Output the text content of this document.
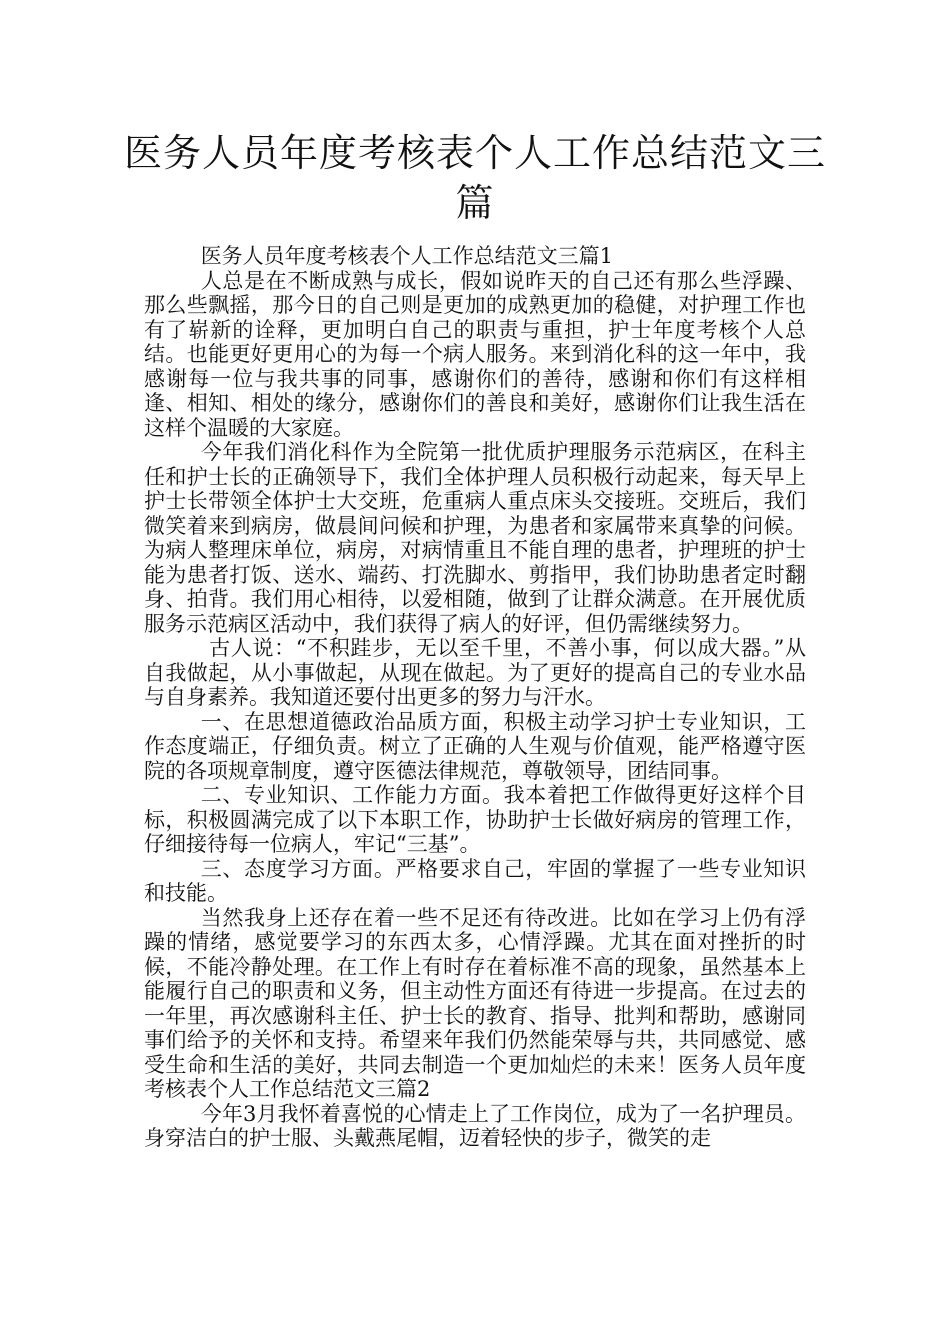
医务人员年度考核表个人工作总结范文三篇

医务人员年度考核表个人工作总结范文三篇1

人总是在不断成熟与成长，假如说昨天的自己还有那么些浮躁、那么些飘摇，那今日的自己则是更加的成熟更加的稳健，对护理工作也有了崭新的诠释，更加明白自己的职责与重担，护士年度考核个人总结。也能更好更用心的为每一个病人服务。来到消化科的这一年中，我感谢每一位与我共事的同事，感谢你们的善待，感谢和你们有这样相逢、相知、相处的缘分，感谢你们的善良和美好，感谢你们让我生活在这样个温暖的大家庭。

今年我们消化科作为全院第一批优质护理服务示范病区，在科主任和护士长的正确领导下，我们全体护理人员积极行动起来，每天早上护士长带领全体护士大交班，危重病人重点床头交接班。交班后，我们微笑着来到病房，做晨间问候和护理，为患者和家属带来真挚的问候。为病人整理床单位，病房，对病情重且不能自理的患者，护理班的护士能为患者打饭、送水、端药、打洗脚水、剪指甲，我们协助患者定时翻身、拍背。我们用心相待，以爱相随，做到了让群众满意。在开展优质服务示范病区活动中，我们获得了病人的好评，但仍需继续努力。

古人说：“不积跬步，无以至千里，不善小事，何以成大器。”从自我做起，从小事做起，从现在做起。为了更好的提高自己的专业水品与自身素养。我知道还要付出更多的努力与汗水。

一、在思想道德政治品质方面，积极主动学习护士专业知识，工作态度端正，仔细负责。树立了正确的人生观与价值观，能严格遵守医院的各项规章制度，遵守医德法律规范，尊敬领导，团结同事。

二、专业知识、工作能力方面。我本着把工作做得更好这样个目标，积极圆满完成了以下本职工作，协助护士长做好病房的管理工作，仔细接待每一位病人，牢记“三基”。

三、态度学习方面。严格要求自己，牢固的掌握了一些专业知识和技能。

当然我身上还存在着一些不足还有待改进。比如在学习上仍有浮躁的情绪，感觉要学习的东西太多，心情浮躁。尤其在面对挫折的时候，不能冷静处理。在工作上有时存在着标准不高的现象，虽然基本上能履行自己的职责和义务，但主动性方面还有待进一步提高。在过去的一年里，再次感谢科主任、护士长的教育、指导、批判和帮助，感谢同事们给予的关怀和支持。希望来年我们仍然能荣辱与共，共同感觉、感受生命和生活的美好，共同去制造一个更加灿烂的未来！医务人员年度考核表个人工作总结范文三篇2

今年3月我怀着喜悦的心情走上了工作岗位，成为了一名护理员。身穿洁白的护士服、头戴燕尾帽，迈着轻快的步子，微笑的走
